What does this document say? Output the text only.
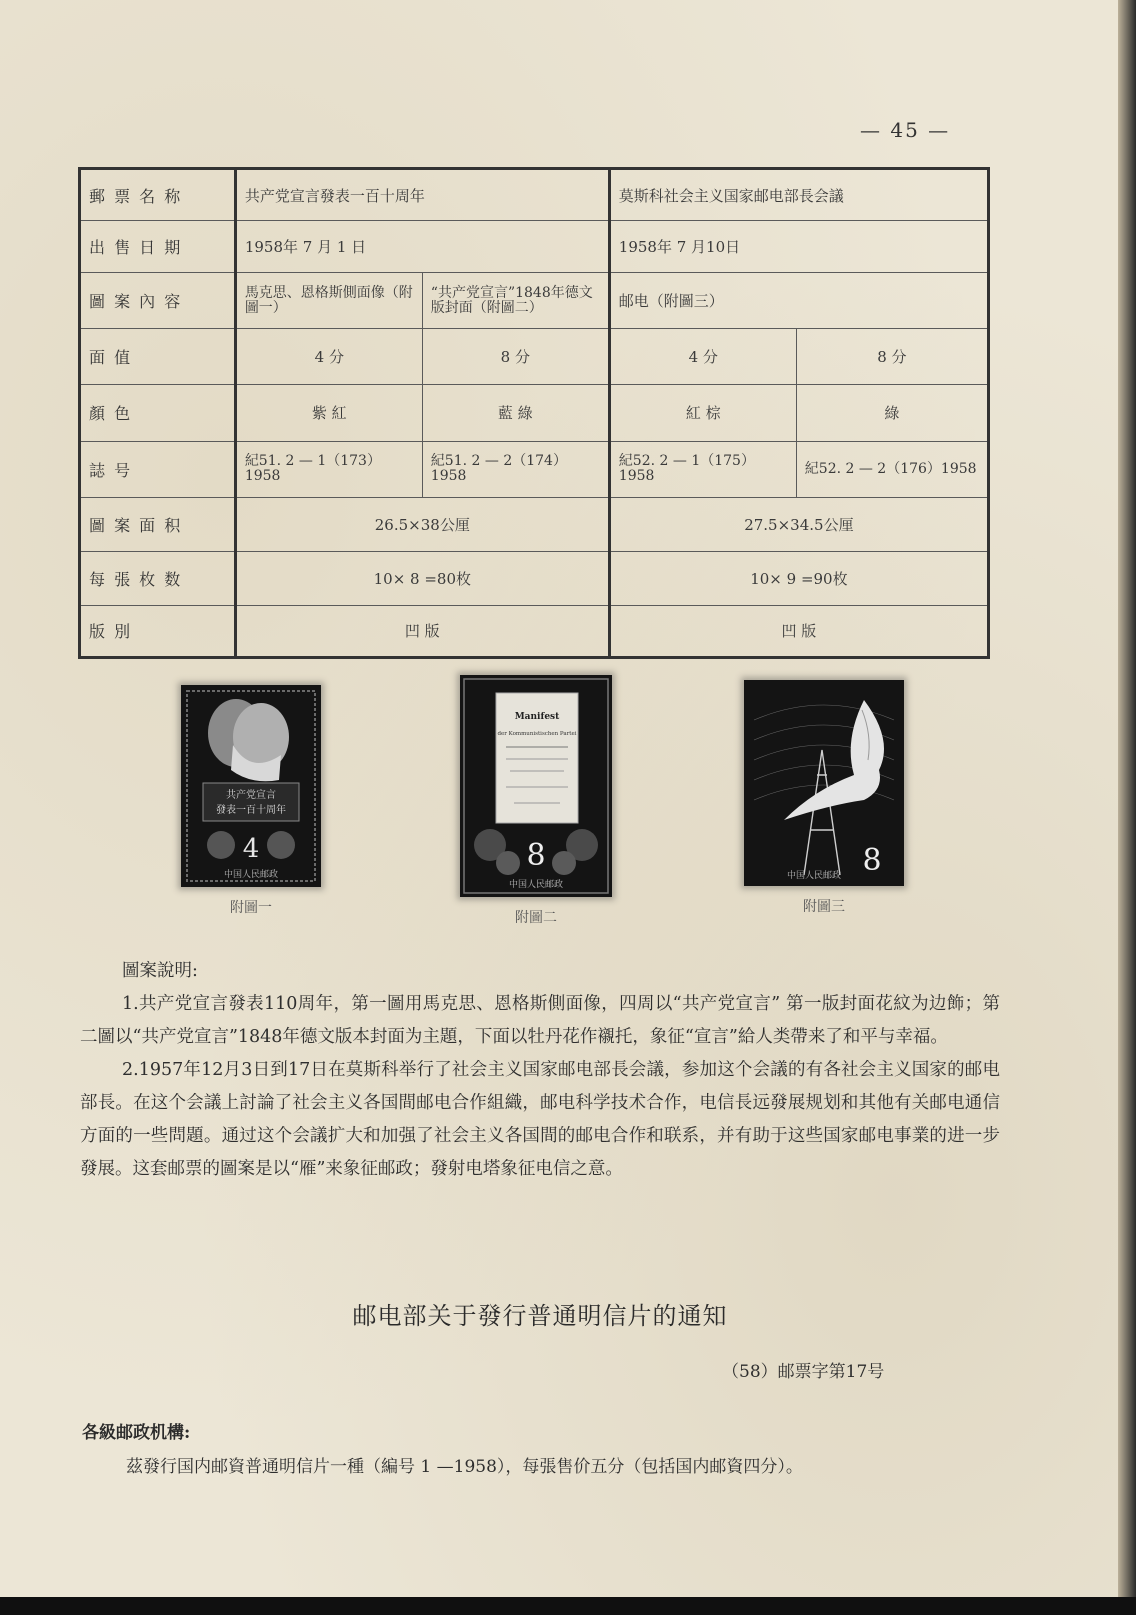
— 45 —
郵 票 名 称	共产党宣言發表一百十周年		莫斯科社会主义国家邮电部長会議	
出 售 日 期	1958年 7 月 1 日		1958年 7 月10日	
圖 案 內 容	馬克思、恩格斯側面像（附圖一）	“共产党宣言”1848年德文版封面（附圖二）	邮电（附圖三）	
面 值	4 分	8 分	4 分	8 分
顏 色	紫 紅	藍 綠	紅 棕	綠
誌 号	紀51. 2 — 1（173）1958	紀51. 2 — 2（174）1958	紀52. 2 — 1（175）1958	紀52. 2 — 2（176）1958
圖 案 面 积	26.5×38公厘		27.5×34.5公厘	
每 張 枚 数	10× 8 =80枚		10× 9 =90枚	
版 別	凹 版		凹 版	
共产党宣言
發表一百十周年
4
中国人民邮政
附圖一
Manifest
der Kommunistischen Partei
8
中国人民邮政
附圖二
8
中国人民邮政
附圖三

圖案說明:

1.共产党宣言發表110周年，第一圖用馬克思、恩格斯側面像，四周以“共产党宣言” 第一版封面花紋为边飾；第二圖以“共产党宣言”1848年德文版本封面为主題，下面以牡丹花作襯托，象征“宣言”給人类帶来了和平与幸福。

2.1957年12月3日到17日在莫斯科举行了社会主义国家邮电部長会議，参加这个会議的有各社会主义国家的邮电部長。在这个会議上討論了社会主义各国間邮电合作組織，邮电科学技术合作，电信長远發展规划和其他有关邮电通信方面的一些問題。通过这个会議扩大和加强了社会主义各国間的邮电合作和联系，并有助于这些国家邮电事業的进一步發展。这套邮票的圖案是以“雁”来象征邮政；發射电塔象征电信之意。

邮电部关于發行普通明信片的通知
（58）邮票字第17号
各級邮政机構:
茲發行国内邮資普通明信片一種（編号 1 —1958），每張售价五分（包括国内邮資四分）。
